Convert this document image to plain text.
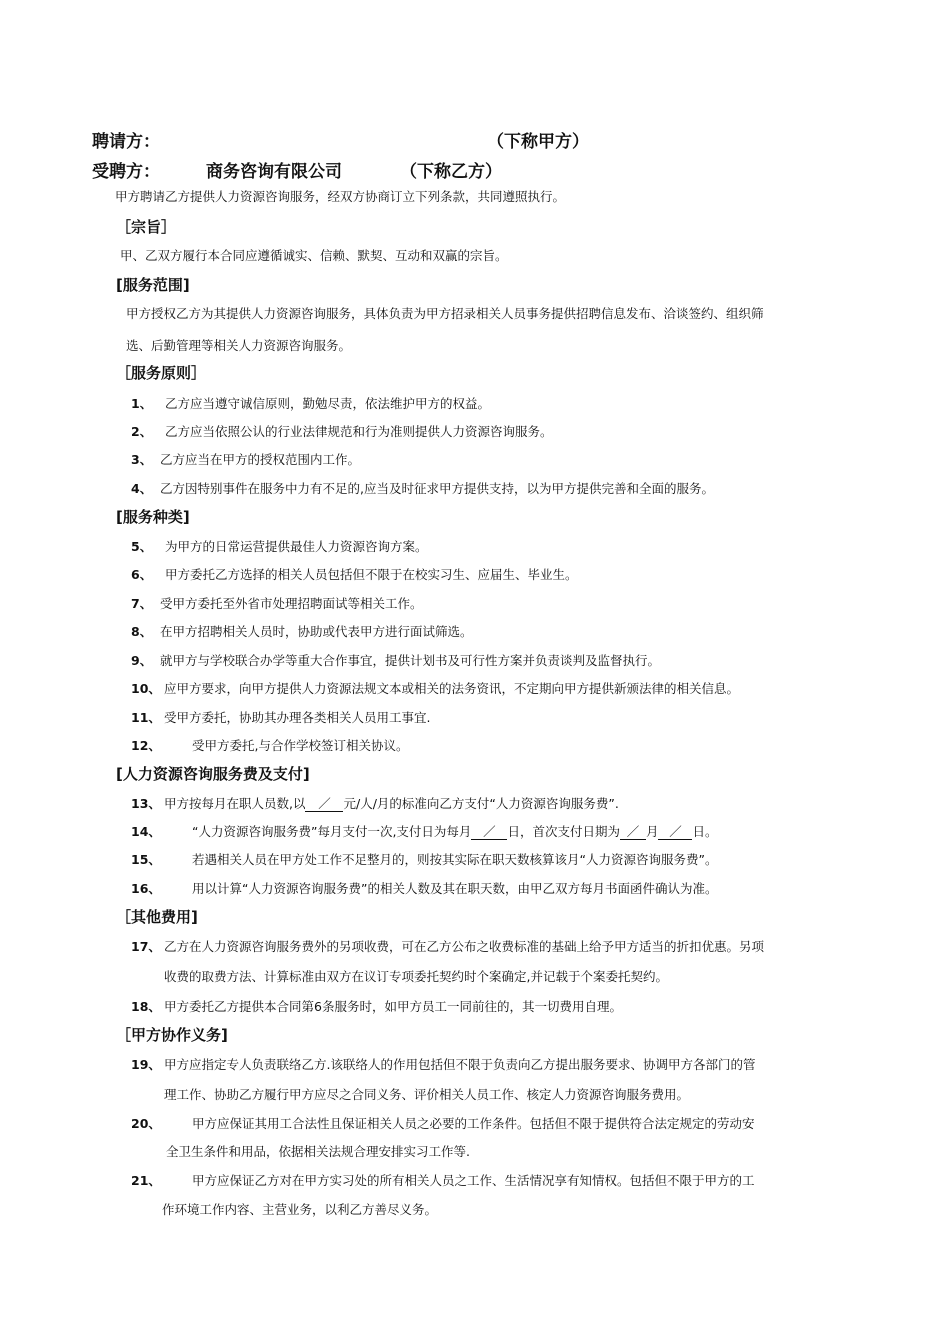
聘请方：	（下称甲方）
受聘方：	商务咨询有限公司	（下称乙方）
甲方聘请乙方提供人力资源咨询服务，经双方协商订立下列条款，共同遵照执行。
［宗旨］
甲、乙双方履行本合同应遵循诚实、信赖、默契、互动和双赢的宗旨。
[服务范围]
甲方授权乙方为其提供人力资源咨询服务，具体负责为甲方招录相关人员事务提供招聘信息发布、洽谈签约、组织筛
选、后勤管理等相关人力资源咨询服务。
［服务原则］
1、 乙方应当遵守诚信原则，勤勉尽责，依法维护甲方的权益。
2、 乙方应当依照公认的行业法律规范和行为准则提供人力资源咨询服务。
3、 乙方应当在甲方的授权范围内工作。
4、 乙方因特别事件在服务中力有不足的,应当及时征求甲方提供支持，以为甲方提供完善和全面的服务。
[服务种类]
5、 为甲方的日常运营提供最佳人力资源咨询方案。
6、 甲方委托乙方选择的相关人员包括但不限于在校实习生、应届生、毕业生。
7、 受甲方委托至外省市处理招聘面试等相关工作。
8、 在甲方招聘相关人员时，协助或代表甲方进行面试筛选。
9、 就甲方与学校联合办学等重大合作事宜，提供计划书及可行性方案并负责谈判及监督执行。
10、 应甲方要求，向甲方提供人力资源法规文本或相关的法务资讯，不定期向甲方提供新颁法律的相关信息。
11、 受甲方委托，协助其办理各类相关人员用工事宜.
12、 受甲方委托,与合作学校签订相关协议。
[人力资源咨询服务费及支付]
13、 甲方按每月在职人员数,以 ／ 元/人/月的标准向乙方支付“人力资源咨询服务费”.
14、 “人力资源咨询服务费”每月支付一次,支付日为每月 ／ 日，首次支付日期为 ／ 月 ／ 日。
15、 若遇相关人员在甲方处工作不足整月的，则按其实际在职天数核算该月“人力资源咨询服务费”。
16、 用以计算“人力资源咨询服务费”的相关人数及其在职天数，由甲乙双方每月书面函件确认为准。
［其他费用]
17、 乙方在人力资源咨询服务费外的另项收费，可在乙方公布之收费标准的基础上给予甲方适当的折扣优惠。另项
收费的取费方法、计算标准由双方在议订专项委托契约时个案确定,并记载于个案委托契约。
18、 甲方委托乙方提供本合同第6条服务时，如甲方员工一同前往的，其一切费用自理。
［甲方协作义务]
19、 甲方应指定专人负责联络乙方.该联络人的作用包括但不限于负责向乙方提出服务要求、协调甲方各部门的管
理工作、协助乙方履行甲方应尽之合同义务、评价相关人员工作、核定人力资源咨询服务费用。
20、 甲方应保证其用工合法性且保证相关人员之必要的工作条件。包括但不限于提供符合法定规定的劳动安
全卫生条件和用品，依据相关法规合理安排实习工作等.
21、 甲方应保证乙方对在甲方实习处的所有相关人员之工作、生活情况享有知情权。包括但不限于甲方的工
作环境工作内容、主营业务，以利乙方善尽义务。
